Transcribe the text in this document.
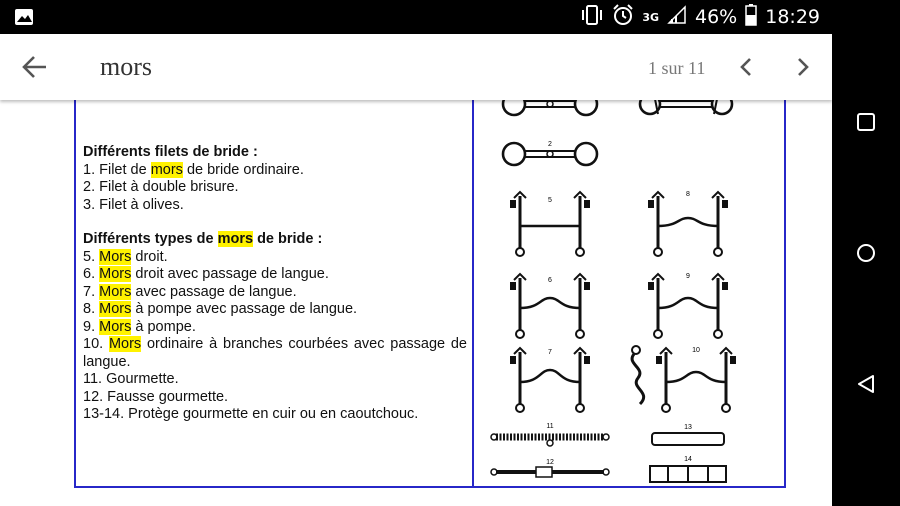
3G 46% 18:29
mors	1 sur 11

Différents filets de bride :

1. Filet de mors de bride ordinaire.

2. Filet à double brisure.

3. Filet à olives.

Différents types de mors de bride :

5. Mors droit.

6. Mors droit avec passage de langue.

7. Mors avec passage de langue.

8. Mors à pompe avec passage de langue.

9. Mors à pompe.

10. Mors ordinaire à branches courbées avec passage de langue.

11. Gourmette.

12. Fausse gourmette.

13-14. Protège gourmette en cuir ou en caoutchouc.

2
5
8
6
9
7	10
11	13
12	14
